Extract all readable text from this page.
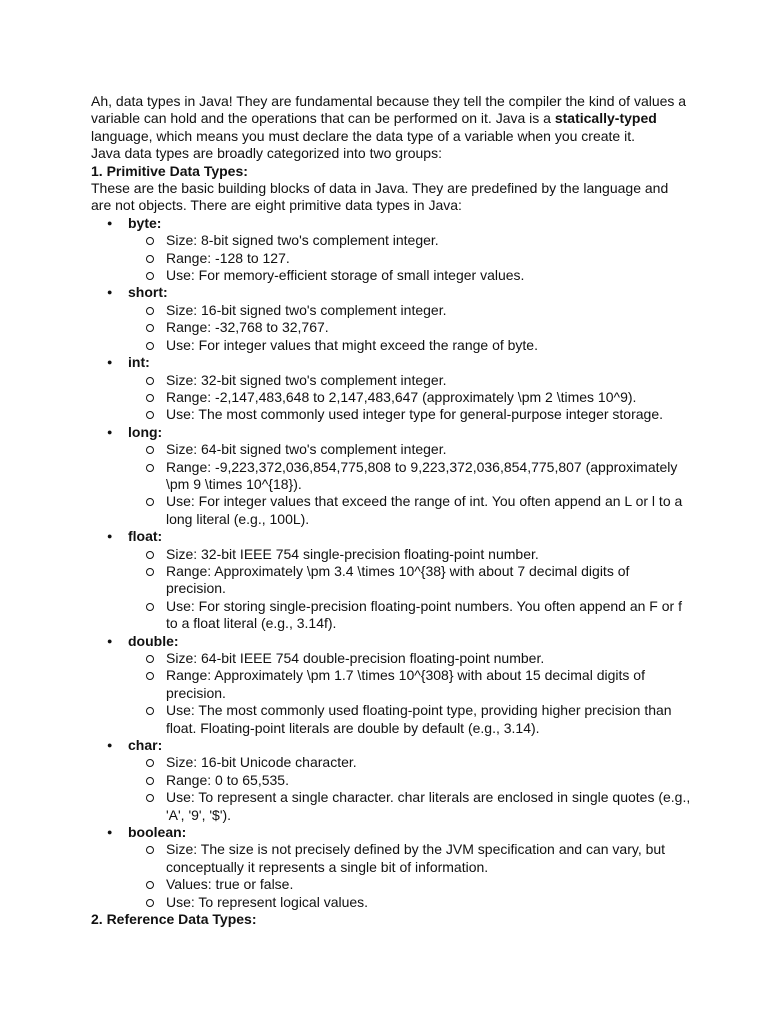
Ah, data types in Java! They are fundamental because they tell the compiler the kind of values a variable can hold and the operations that can be performed on it. Java is a statically-typed language, which means you must declare the data type of a variable when you create it.

Java data types are broadly categorized into two groups:

1. Primitive Data Types:

These are the basic building blocks of data in Java. They are predefined by the language and are not objects. There are eight primitive data types in Java:

● byte:
Size: 8-bit signed two's complement integer.
Range: -128 to 127.
Use: For memory-efficient storage of small integer values.
● short:
Size: 16-bit signed two's complement integer.
Range: -32,768 to 32,767.
Use: For integer values that might exceed the range of byte.
● int:
Size: 32-bit signed two's complement integer.
Range: -2,147,483,648 to 2,147,483,647 (approximately \pm 2 \times 10^9).
Use: The most commonly used integer type for general-purpose integer storage.
● long:
Size: 64-bit signed two's complement integer.
Range: -9,223,372,036,854,775,808 to 9,223,372,036,854,775,807 (approximately \pm 9 \times 10^{18}).
Use: For integer values that exceed the range of int. You often append an L or l to a long literal (e.g., 100L).
● float:
Size: 32-bit IEEE 754 single-precision floating-point number.
Range: Approximately \pm 3.4 \times 10^{38} with about 7 decimal digits of precision.
Use: For storing single-precision floating-point numbers. You often append an F or f to a float literal (e.g., 3.14f).
● double:
Size: 64-bit IEEE 754 double-precision floating-point number.
Range: Approximately \pm 1.7 \times 10^{308} with about 15 decimal digits of precision.
Use: The most commonly used floating-point type, providing higher precision than float. Floating-point literals are double by default (e.g., 3.14).
● char:
Size: 16-bit Unicode character.
Range: 0 to 65,535.
Use: To represent a single character. char literals are enclosed in single quotes (e.g., 'A', '9', '$').
● boolean:
Size: The size is not precisely defined by the JVM specification and can vary, but conceptually it represents a single bit of information.
Values: true or false.
Use: To represent logical values.

2. Reference Data Types:
